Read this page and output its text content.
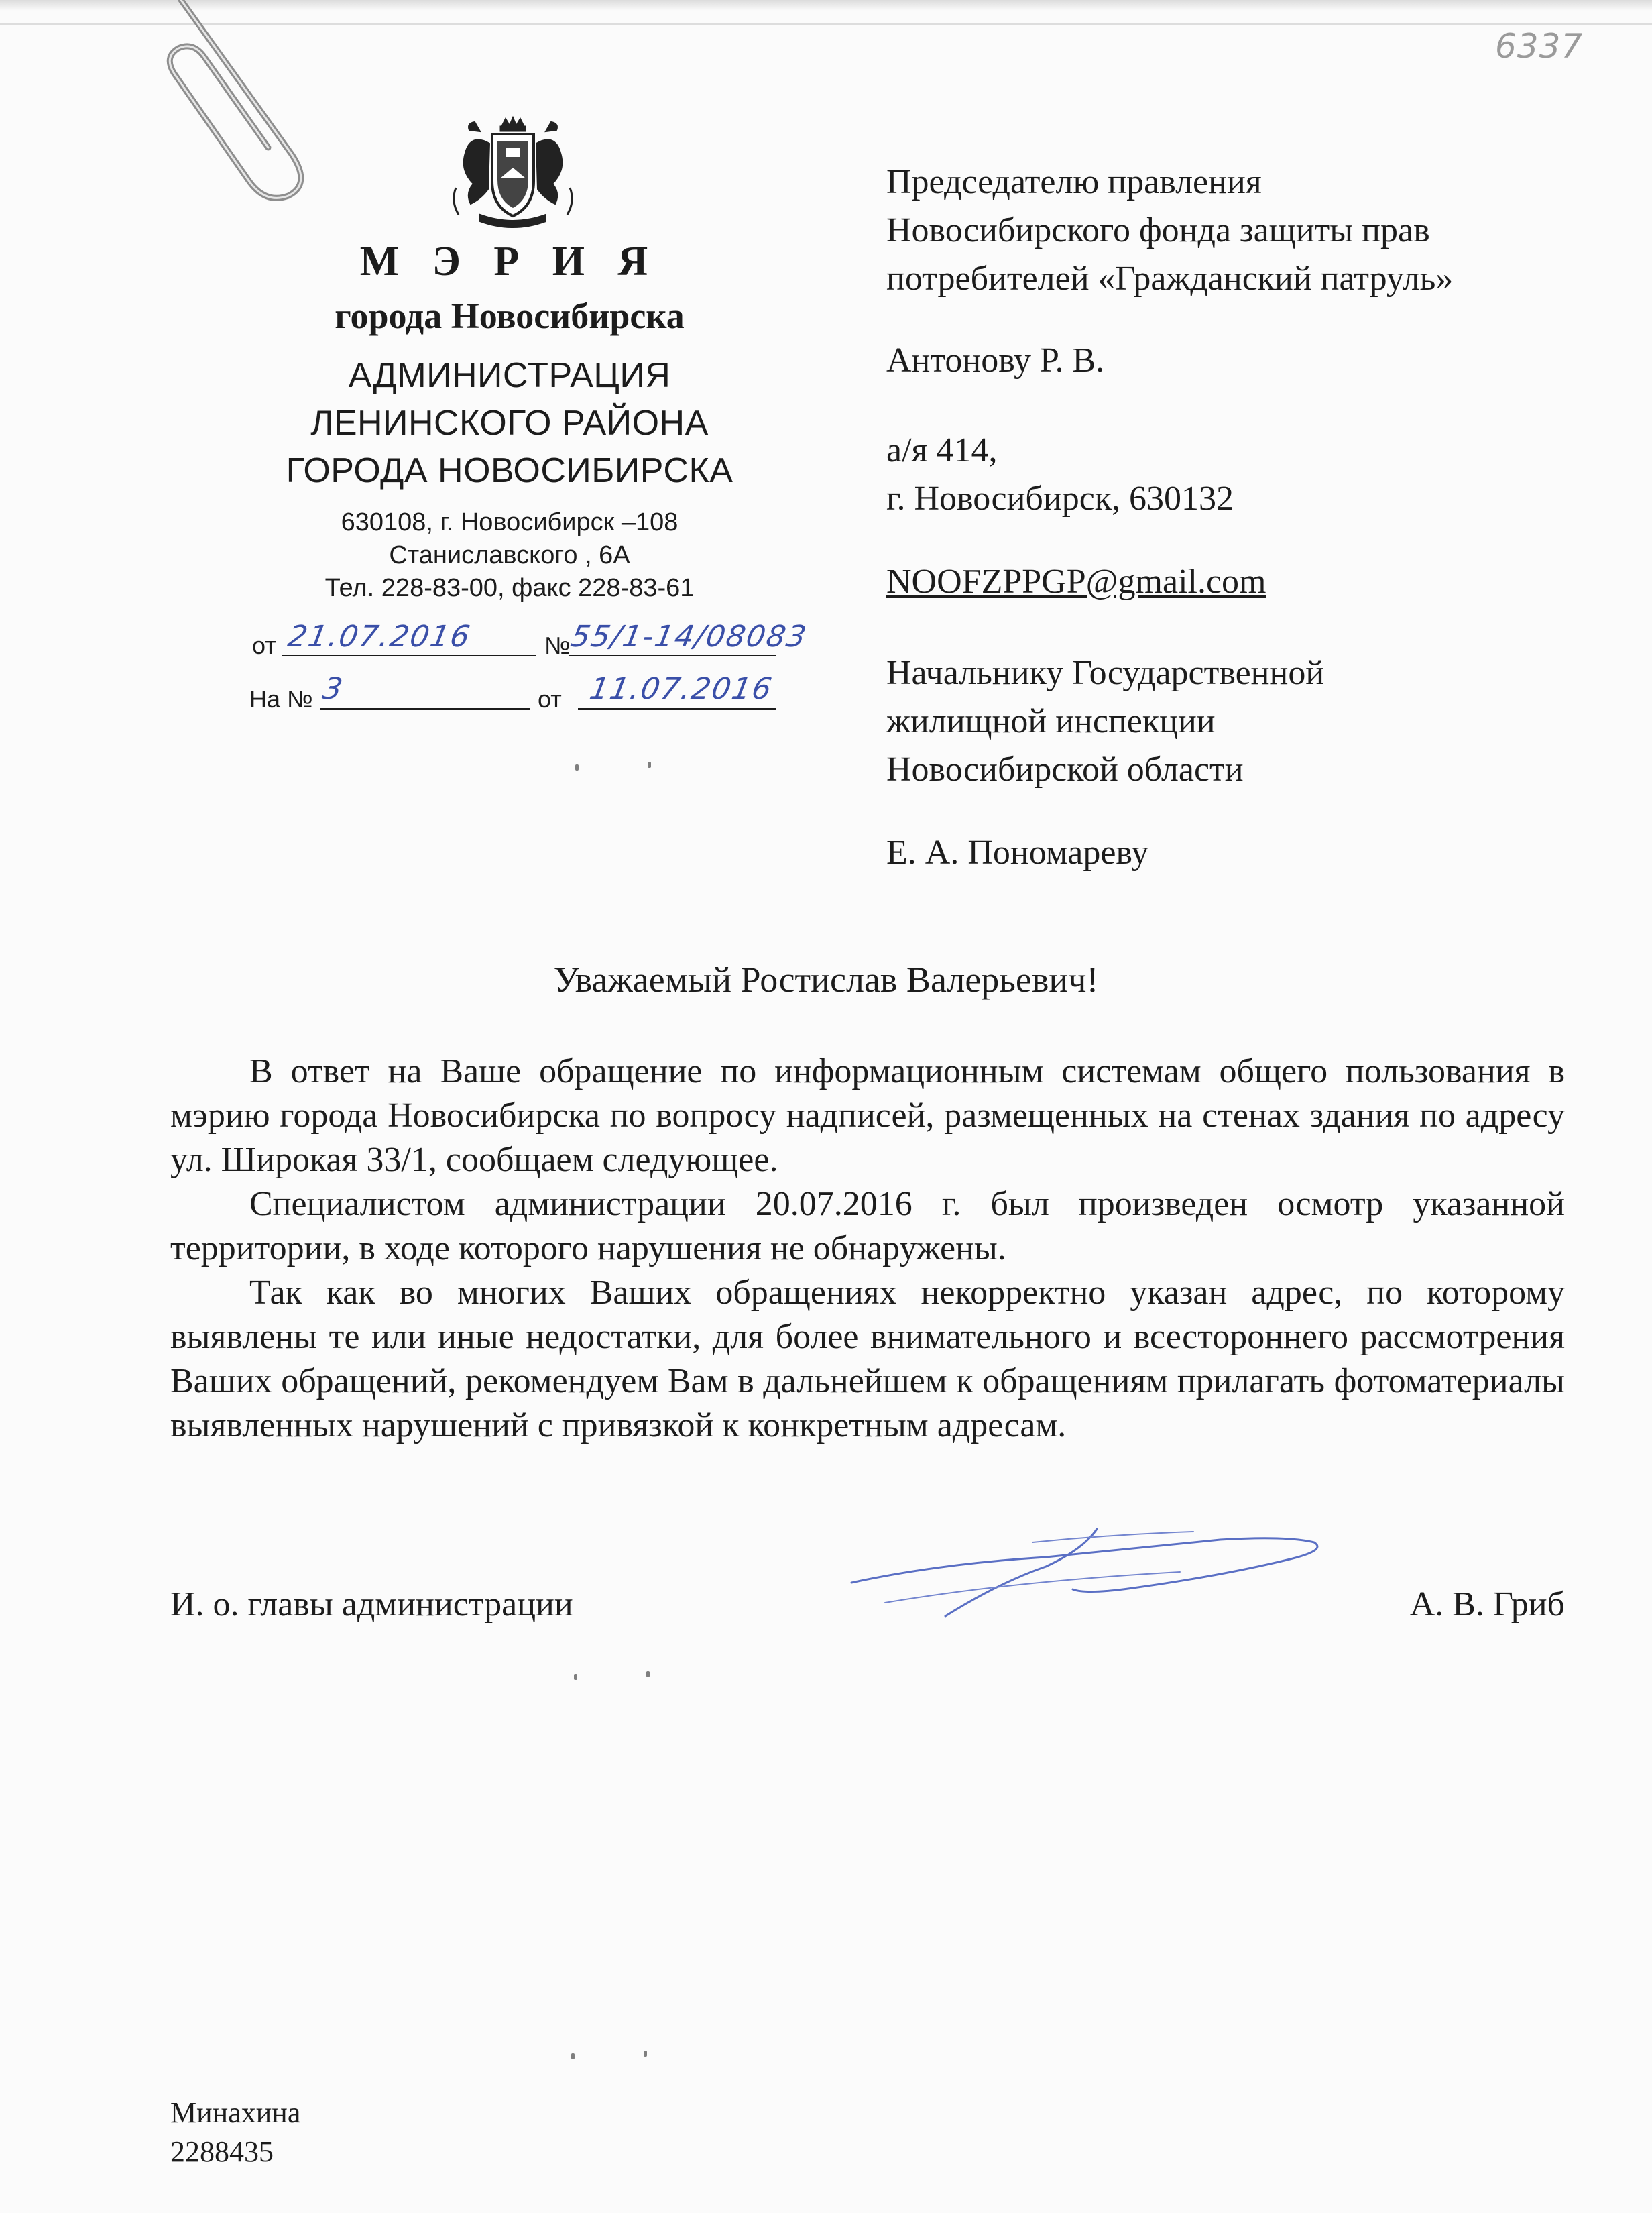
6337
М Э Р И Я
города Новосибирска
АДМИНИСТРАЦИЯ
ЛЕНИНСКОГО РАЙОНА
ГОРОДА НОВОСИБИРСКА
630108, г. Новосибирск –108
Станиславского , 6А
Тел. 228-83-00, факс 228-83-61
от 21.07.2016	№
55/1-14/08083
На № 3	от 11.07.2016
Председателю правления
Новосибирского фонда защиты прав
потребителей «Гражданский патруль»
Антонову Р. В.
а/я 414,
г. Новосибирск, 630132
NOOFZPPGP@gmail.com
Начальнику Государственной
жилищной инспекции
Новосибирской области
Е. А. Пономареву
Уважаемый Ростислав Валерьевич!

В ответ на Ваше обращение по информационным системам общего пользования в мэрию города Новосибирска по вопросу надписей, размещенных на стенах здания по адресу ул. Широкая 33/1, сообщаем следующее.

Специалистом администрации 20.07.2016 г. был произведен осмотр указанной территории, в ходе которого нарушения не обнаружены.

Так как во многих Ваших обращениях некорректно указан адрес, по которому выявлены те или иные недостатки, для более внимательного и всестороннего рассмотрения Ваших обращений, рекомендуем Вам в дальнейшем к обращениям прилагать фотоматериалы выявленных нарушений с привязкой к конкретным адресам.

И. о. главы администрации	А. В. Гриб
Минахина
2288435
